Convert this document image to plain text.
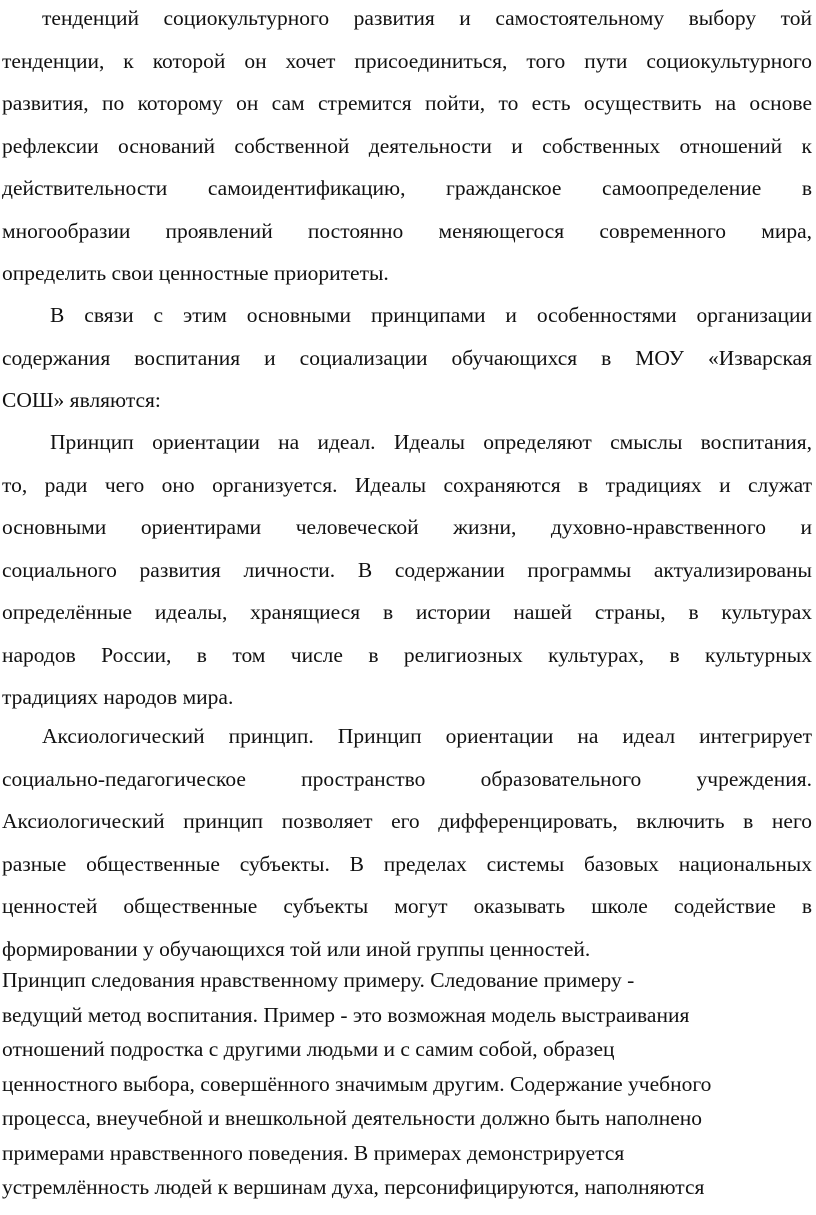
тенденций социокультурного развития и самостоятельному выбору той
тенденции, к которой он хочет присоединиться, того пути социокультурного
развития, по которому он сам стремится пойти, то есть осуществить на основе
рефлексии оснований собственной деятельности и собственных отношений к
действительности самоидентификацию, гражданское самоопределение в
многообразии проявлений постоянно меняющегося современного мира,
определить свои ценностные приоритеты.
В связи с этим основными принципами и особенностями организации
содержания воспитания и социализации обучающихся в МОУ «Изварская
СОШ» являются:
Принцип ориентации на идеал. Идеалы определяют смыслы воспитания,
то, ради чего оно организуется. Идеалы сохраняются в традициях и служат
основными ориентирами человеческой жизни, духовно-нравственного и
социального развития личности. В содержании программы актуализированы
определённые идеалы, хранящиеся в истории нашей страны, в культурах
народов России, в том числе в религиозных культурах, в культурных
традициях народов мира.
Аксиологический принцип. Принцип ориентации на идеал интегрирует
социально-педагогическое пространство образовательного учреждения.
Аксиологический принцип позволяет его дифференцировать, включить в него
разные общественные субъекты. В пределах системы базовых национальных
ценностей общественные субъекты могут оказывать школе содействие в
формировании у обучающихся той или иной группы ценностей.
Принцип следования нравственному примеру. Следование примеру -
ведущий метод воспитания. Пример - это возможная модель выстраивания
отношений подростка с другими людьми и с самим собой, образец
ценностного выбора, совершённого значимым другим. Содержание учебного
процесса, внеучебной и внешкольной деятельности должно быть наполнено
примерами нравственного поведения. В примерах демонстрируется
устремлённость людей к вершинам духа, персонифицируются, наполняются
